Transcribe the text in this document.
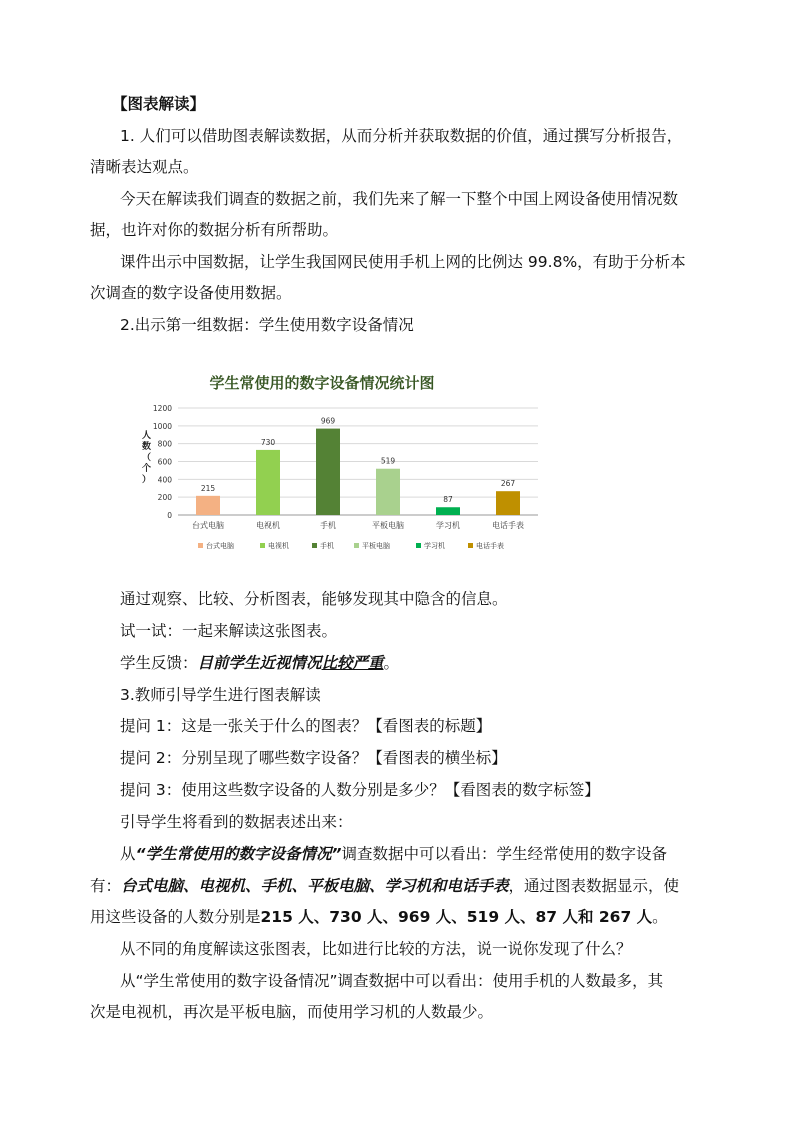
【图表解读】
1. 人们可以借助图表解读数据，从而分析并获取数据的价值，通过撰写分析报告，
清晰表达观点。
今天在解读我们调查的数据之前，我们先来了解一下整个中国上网设备使用情况数
据，也许对你的数据分析有所帮助。
课件出示中国数据，让学生我国网民使用手机上网的比例达 99.8%，有助于分析本
次调查的数字设备使用数据。
2.出示第一组数据：学生使用数字设备情况
学生常使用的数字设备情况统计图
0
200
400
600
800
1000
1200
人数（个）
215
730
969
519
87
267
台式电脑	电视机	手机	平板电脑	学习机	电话手表
台式电脑	电视机	手机	平板电脑	学习机	电话手表
通过观察、比较、分析图表，能够发现其中隐含的信息。
试一试：一起来解读这张图表。
学生反馈：目前学生近视情况比较严重。
3.教师引导学生进行图表解读
提问 1：这是一张关于什么的图表？【看图表的标题】
提问 2：分别呈现了哪些数字设备？【看图表的横坐标】
提问 3：使用这些数字设备的人数分别是多少？【看图表的数字标签】
引导学生将看到的数据表述出来：
从“学生常使用的数字设备情况”调查数据中可以看出：学生经常使用的数字设备
有：台式电脑、电视机、手机、平板电脑、学习机和电话手表，通过图表数据显示，使
用这些设备的人数分别是215 人、730 人、969 人、519 人、87 人和 267 人。
从不同的角度解读这张图表，比如进行比较的方法，说一说你发现了什么？
从“学生常使用的数字设备情况”调查数据中可以看出：使用手机的人数最多，其
次是电视机，再次是平板电脑，而使用学习机的人数最少。
